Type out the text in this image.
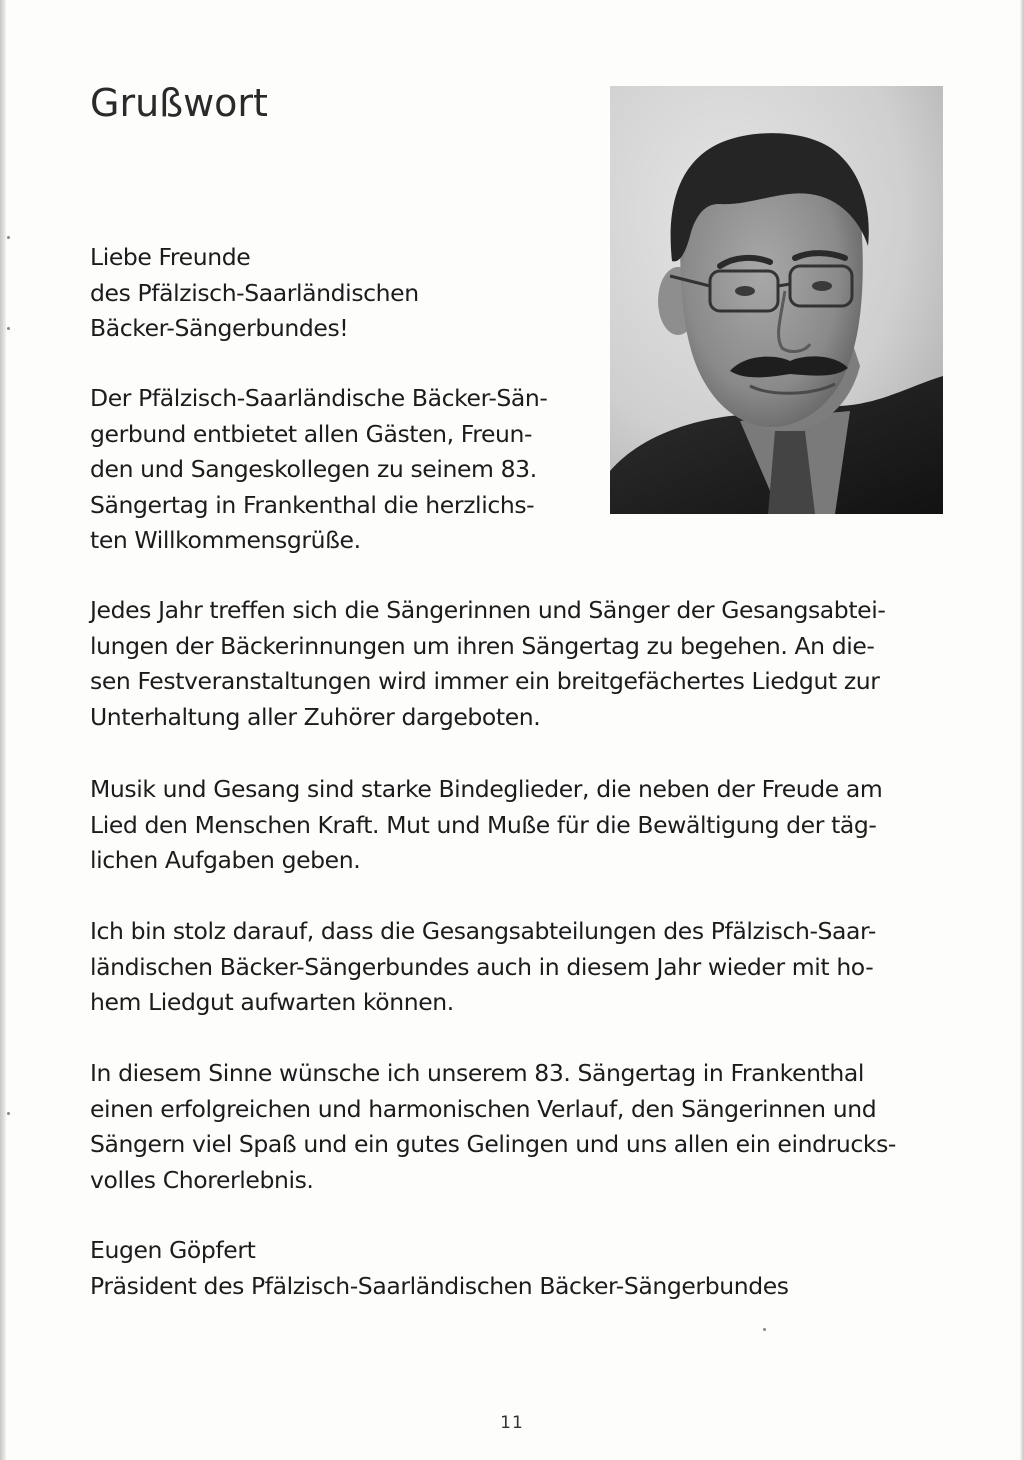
Grußwort
Liebe Freunde
des Pfälzisch-Saarländischen
Bäcker-Sängerbundes!
Der Pfälzisch-Saarländische Bäcker-Sän-
gerbund entbietet allen Gästen, Freun-
den und Sangeskollegen zu seinem 83.
Sängertag in Frankenthal die herzlichs-
ten Willkommensgrüße.
Jedes Jahr treffen sich die Sängerinnen und Sänger der Gesangsabtei-
lungen der Bäckerinnungen um ihren Sängertag zu begehen. An die-
sen Festveranstaltungen wird immer ein breitgefächertes Liedgut zur
Unterhaltung aller Zuhörer dargeboten.
Musik und Gesang sind starke Bindeglieder, die neben der Freude am
Lied den Menschen Kraft. Mut und Muße für die Bewältigung der täg-
lichen Aufgaben geben.
Ich bin stolz darauf, dass die Gesangsabteilungen des Pfälzisch-Saar-
ländischen Bäcker-Sängerbundes auch in diesem Jahr wieder mit ho-
hem Liedgut aufwarten können.
In diesem Sinne wünsche ich unserem 83. Sängertag in Frankenthal
einen erfolgreichen und harmonischen Verlauf, den Sängerinnen und
Sängern viel Spaß und ein gutes Gelingen und uns allen ein eindrucks-
volles Chorerlebnis.
Eugen Göpfert
Präsident des Pfälzisch-Saarländischen Bäcker-Sängerbundes
11
